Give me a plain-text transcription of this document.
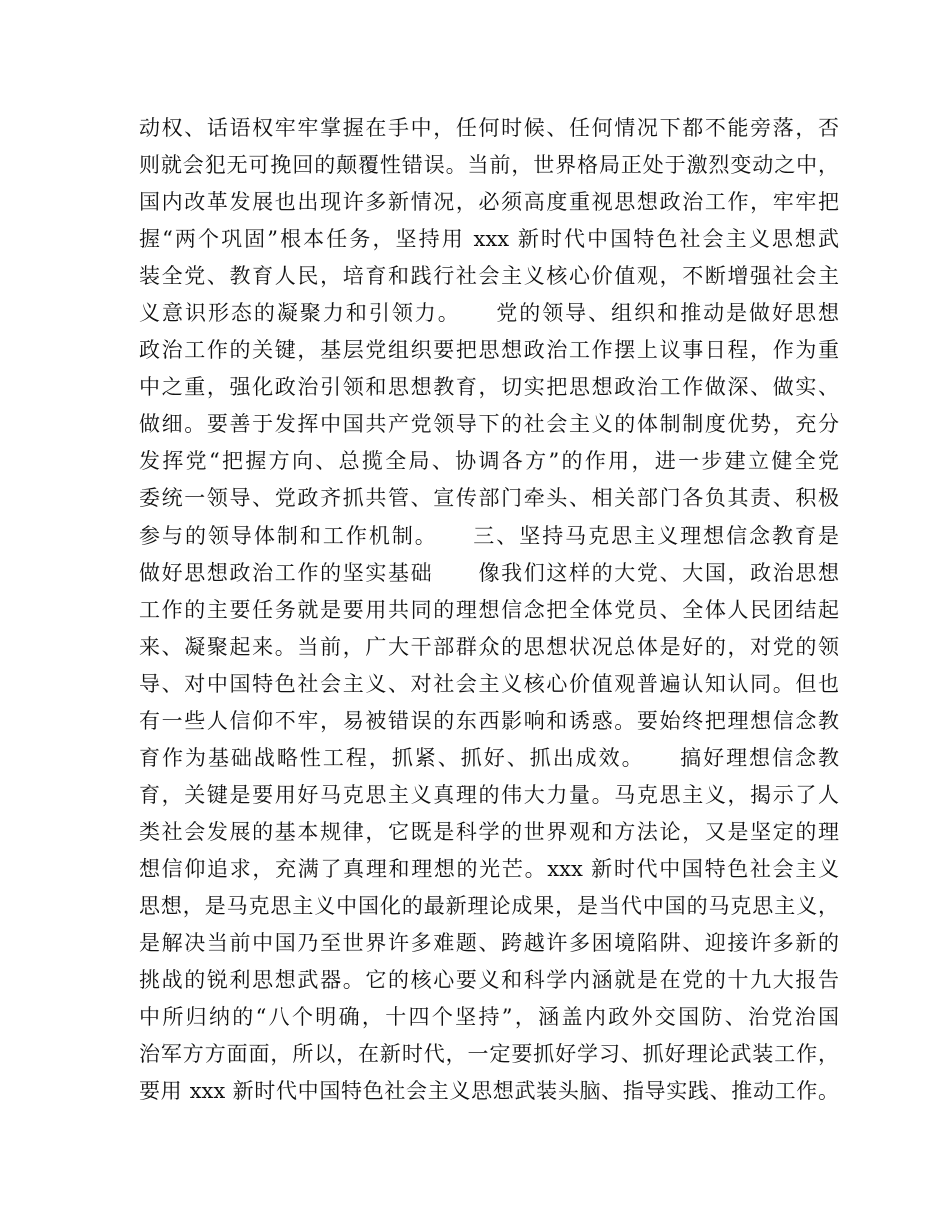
动权、话语权牢牢掌握在手中，任何时候、任何情况下都不能旁落，否
则就会犯无可挽回的颠覆性错误。当前，世界格局正处于激烈变动之中，
国内改革发展也出现许多新情况，必须高度重视思想政治工作，牢牢把
握“两个巩固”根本任务，坚持用 xxx 新时代中国特色社会主义思想武
装全党、教育人民，培育和践行社会主义核心价值观，不断增强社会主
义意识形态的凝聚力和引领力。　　党的领导、组织和推动是做好思想
政治工作的关键，基层党组织要把思想政治工作摆上议事日程，作为重
中之重，强化政治引领和思想教育，切实把思想政治工作做深、做实、
做细。要善于发挥中国共产党领导下的社会主义的体制制度优势，充分
发挥党“把握方向、总揽全局、协调各方”的作用，进一步建立健全党
委统一领导、党政齐抓共管、宣传部门牵头、相关部门各负其责、积极
参与的领导体制和工作机制。　　三、坚持马克思主义理想信念教育是
做好思想政治工作的坚实基础　　像我们这样的大党、大国，政治思想
工作的主要任务就是要用共同的理想信念把全体党员、全体人民团结起
来、凝聚起来。当前，广大干部群众的思想状况总体是好的，对党的领
导、对中国特色社会主义、对社会主义核心价值观普遍认知认同。但也
有一些人信仰不牢，易被错误的东西影响和诱惑。要始终把理想信念教
育作为基础战略性工程，抓紧、抓好、抓出成效。　　搞好理想信念教
育，关键是要用好马克思主义真理的伟大力量。马克思主义，揭示了人
类社会发展的基本规律，它既是科学的世界观和方法论，又是坚定的理
想信仰追求，充满了真理和理想的光芒。xxx 新时代中国特色社会主义
思想，是马克思主义中国化的最新理论成果，是当代中国的马克思主义，
是解决当前中国乃至世界许多难题、跨越许多困境陷阱、迎接许多新的
挑战的锐利思想武器。它的核心要义和科学内涵就是在党的十九大报告
中所归纳的“八个明确，十四个坚持”，涵盖内政外交国防、治党治国
治军方方面面，所以，在新时代，一定要抓好学习、抓好理论武装工作，
要用 xxx 新时代中国特色社会主义思想武装头脑、指导实践、推动工作。
